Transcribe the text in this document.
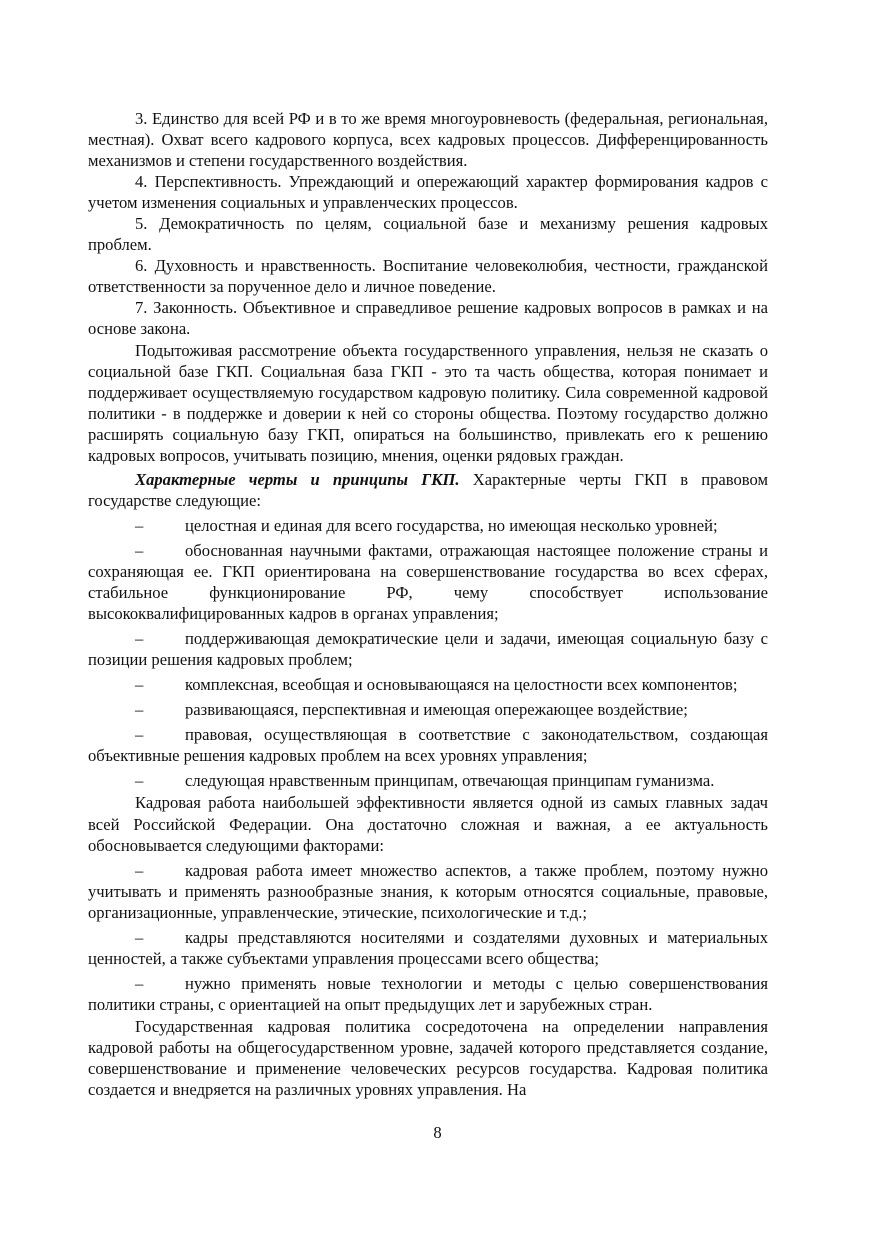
3. Единство для всей РФ и в то же время многоуровневость (федеральная, региональная, местная). Охват всего кадрового корпуса, всех кадровых процессов. Дифференцированность механизмов и степени государственного воздействия.

4. Перспективность. Упреждающий и опережающий характер формирования кадров с учетом изменения социальных и управленческих процессов.

5. Демократичность по целям, социальной базе и механизму решения кадровых проблем.

6. Духовность и нравственность. Воспитание человеколюбия, честности, гражданской ответственности за порученное дело и личное поведение.

7. Законность. Объективное и справедливое решение кадровых вопросов в рамках и на основе закона.

Подытоживая рассмотрение объекта государственного управления, нельзя не сказать о социальной базе ГКП. Социальная база ГКП - это та часть общества, которая понимает и поддерживает осуществляемую государством кадровую политику. Сила современной кадровой политики - в поддержке и доверии к ней со стороны общества. Поэтому государство должно расширять социальную базу ГКП, опираться на большинство, привлекать его к решению кадровых вопросов, учитывать позицию, мнения, оценки рядовых граждан.

Характерные черты и принципы ГКП. Характерные черты ГКП в правовом государстве следующие:

–	целостная и единая для всего государства, но имеющая несколько уровней;

–	обоснованная научными фактами, отражающая настоящее положение страны и сохраняющая ее. ГКП ориентирована на совершенствование государства во всех сферах, стабильное функционирование РФ, чему способствует использование высококвалифицированных кадров в органах управления;

–	поддерживающая демократические цели и задачи, имеющая социальную базу с позиции решения кадровых проблем;

–	комплексная, всеобщая и основывающаяся на целостности всех компонентов;

–	развивающаяся, перспективная и имеющая опережающее воздействие;

–	правовая, осуществляющая в соответствие с законодательством, создающая объективные решения кадровых проблем на всех уровнях управления;

–	следующая нравственным принципам, отвечающая принципам гуманизма.

Кадровая работа наибольшей эффективности является одной из самых главных задач всей Российской Федерации. Она достаточно сложная и важная, а ее актуальность обосновывается следующими факторами:

–	кадровая работа имеет множество аспектов, а также проблем, поэтому нужно учитывать и применять разнообразные знания, к которым относятся социальные, правовые, организационные, управленческие, этические, психологические и т.д.;

–	кадры представляются носителями и создателями духовных и материальных ценностей, а также субъектами управления процессами всего общества;

–	нужно применять новые технологии и методы с целью совершенствования политики страны, с ориентацией на опыт предыдущих лет и зарубежных стран.

Государственная кадровая политика сосредоточена на определении направления кадровой работы на общегосударственном уровне, задачей которого представляется создание, совершенствование и применение человеческих ресурсов государства. Кадровая политика создается и внедряется на различных уровнях управления. На

8
